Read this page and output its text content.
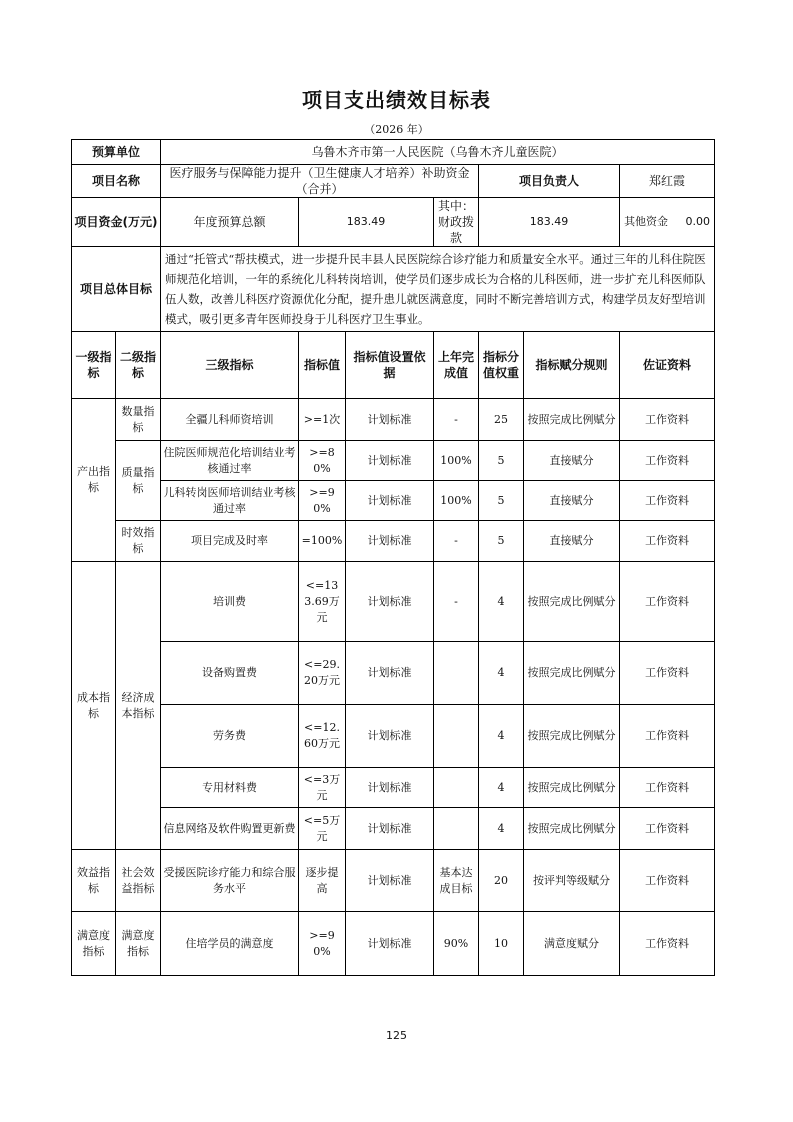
项目支出绩效目标表
（2026 年）
预算单位		乌鲁木齐市第一人民医院（乌鲁木齐儿童医院）						
项目名称		医疗服务与保障能力提升（卫生健康人才培养）补助资金（合并）				项目负责人		郑红霞
项目资金(万元)		年度预算总额	183.49		其中：财政拨款	183.49		其他资金 0.00
项目总体目标		通过“托管式“帮扶模式，进一步提升民丰县人民医院综合诊疗能力和质量安全水平。通过三年的儿科住院医师规范化培训，一年的系统化儿科转岗培训，使学员们逐步成长为合格的儿科医师，进一步扩充儿科医师队伍人数，改善儿科医疗资源优化分配，提升患儿就医满意度，同时不断完善培训方式，构建学员友好型培训模式，吸引更多青年医师投身于儿科医疗卫生事业。						
一级指标	二级指标	三级指标	指标值	指标值设置依据	上年完成值	指标分值权重	指标赋分规则	佐证资料
产出指标	数量指标	全疆儿科师资培训	>=1次	计划标准	-	25	按照完成比例赋分	工作资料
	质量指标	住院医师规范化培训结业考核通过率	>=80%	计划标准	100%	5	直接赋分	工作资料
		儿科转岗医师培训结业考核通过率	>=90%	计划标准	100%	5	直接赋分	工作资料
	时效指标	项目完成及时率	=100%	计划标准	-	5	直接赋分	工作资料
成本指标	经济成本指标	培训费	<=133.69万元	计划标准	-	4	按照完成比例赋分	工作资料
		设备购置费	<=29.20万元	计划标准		4	按照完成比例赋分	工作资料
		劳务费	<=12.60万元	计划标准		4	按照完成比例赋分	工作资料
		专用材料费	<=3万元	计划标准		4	按照完成比例赋分	工作资料
		信息网络及软件购置更新费	<=5万元	计划标准		4	按照完成比例赋分	工作资料
效益指标	社会效益指标	受援医院诊疗能力和综合服务水平	逐步提高	计划标准	基本达成目标	20	按评判等级赋分	工作资料
满意度指标	满意度指标	住培学员的满意度	>=90%	计划标准	90%	10	满意度赋分	工作资料
125
